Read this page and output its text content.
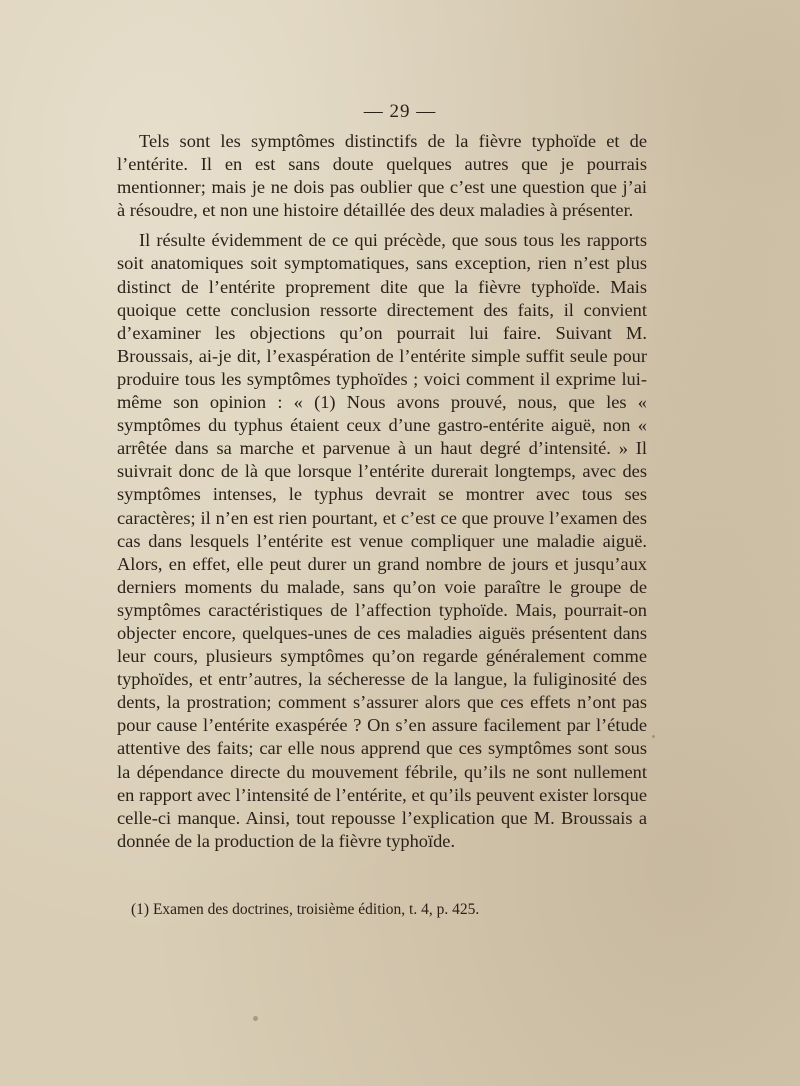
— 29 —

Tels sont les symptômes distinctifs de la fièvre typhoïde et de l’entérite. Il en est sans doute quelques autres que je pourrais mentionner; mais je ne dois pas oublier que c’est une question que j’ai à résoudre, et non une histoire détaillée des deux maladies à présenter.

Il résulte évidemment de ce qui précède, que sous tous les rapports soit anatomiques soit symptomatiques, sans exception, rien n’est plus distinct de l’entérite proprement dite que la fièvre typhoïde. Mais quoique cette conclusion ressorte directement des faits, il convient d’examiner les objections qu’on pourrait lui faire. Suivant M. Broussais, ai-je dit, l’exaspération de l’entérite simple suffit seule pour produire tous les symptômes typhoïdes ; voici comment il exprime lui-même son opinion : « (1) Nous avons prouvé, nous, que les « symptômes du typhus étaient ceux d’une gastro-entérite aiguë, non « arrêtée dans sa marche et parvenue à un haut degré d’intensité. » Il suivrait donc de là que lorsque l’entérite durerait longtemps, avec des symptômes intenses, le typhus devrait se montrer avec tous ses caractères; il n’en est rien pourtant, et c’est ce que prouve l’examen des cas dans lesquels l’entérite est venue compliquer une maladie aiguë. Alors, en effet, elle peut durer un grand nombre de jours et jusqu’aux derniers moments du malade, sans qu’on voie paraître le groupe de symptômes caractéristiques de l’affection typhoïde. Mais, pourrait-on objecter encore, quelques-unes de ces maladies aiguës présentent dans leur cours, plusieurs symptômes qu’on regarde généralement comme typhoïdes, et entr’autres, la sécheresse de la langue, la fuliginosité des dents, la prostration; comment s’assurer alors que ces effets n’ont pas pour cause l’entérite exaspérée ? On s’en assure facilement par l’étude attentive des faits; car elle nous apprend que ces symptômes sont sous la dépendance directe du mouvement fébrile, qu’ils ne sont nullement en rapport avec l’intensité de l’entérite, et qu’ils peuvent exister lorsque celle-ci manque. Ainsi, tout repousse l’explication que M. Broussais a donnée de la production de la fièvre typhoïde.

(1) Examen des doctrines, troisième édition, t. 4, p. 425.
